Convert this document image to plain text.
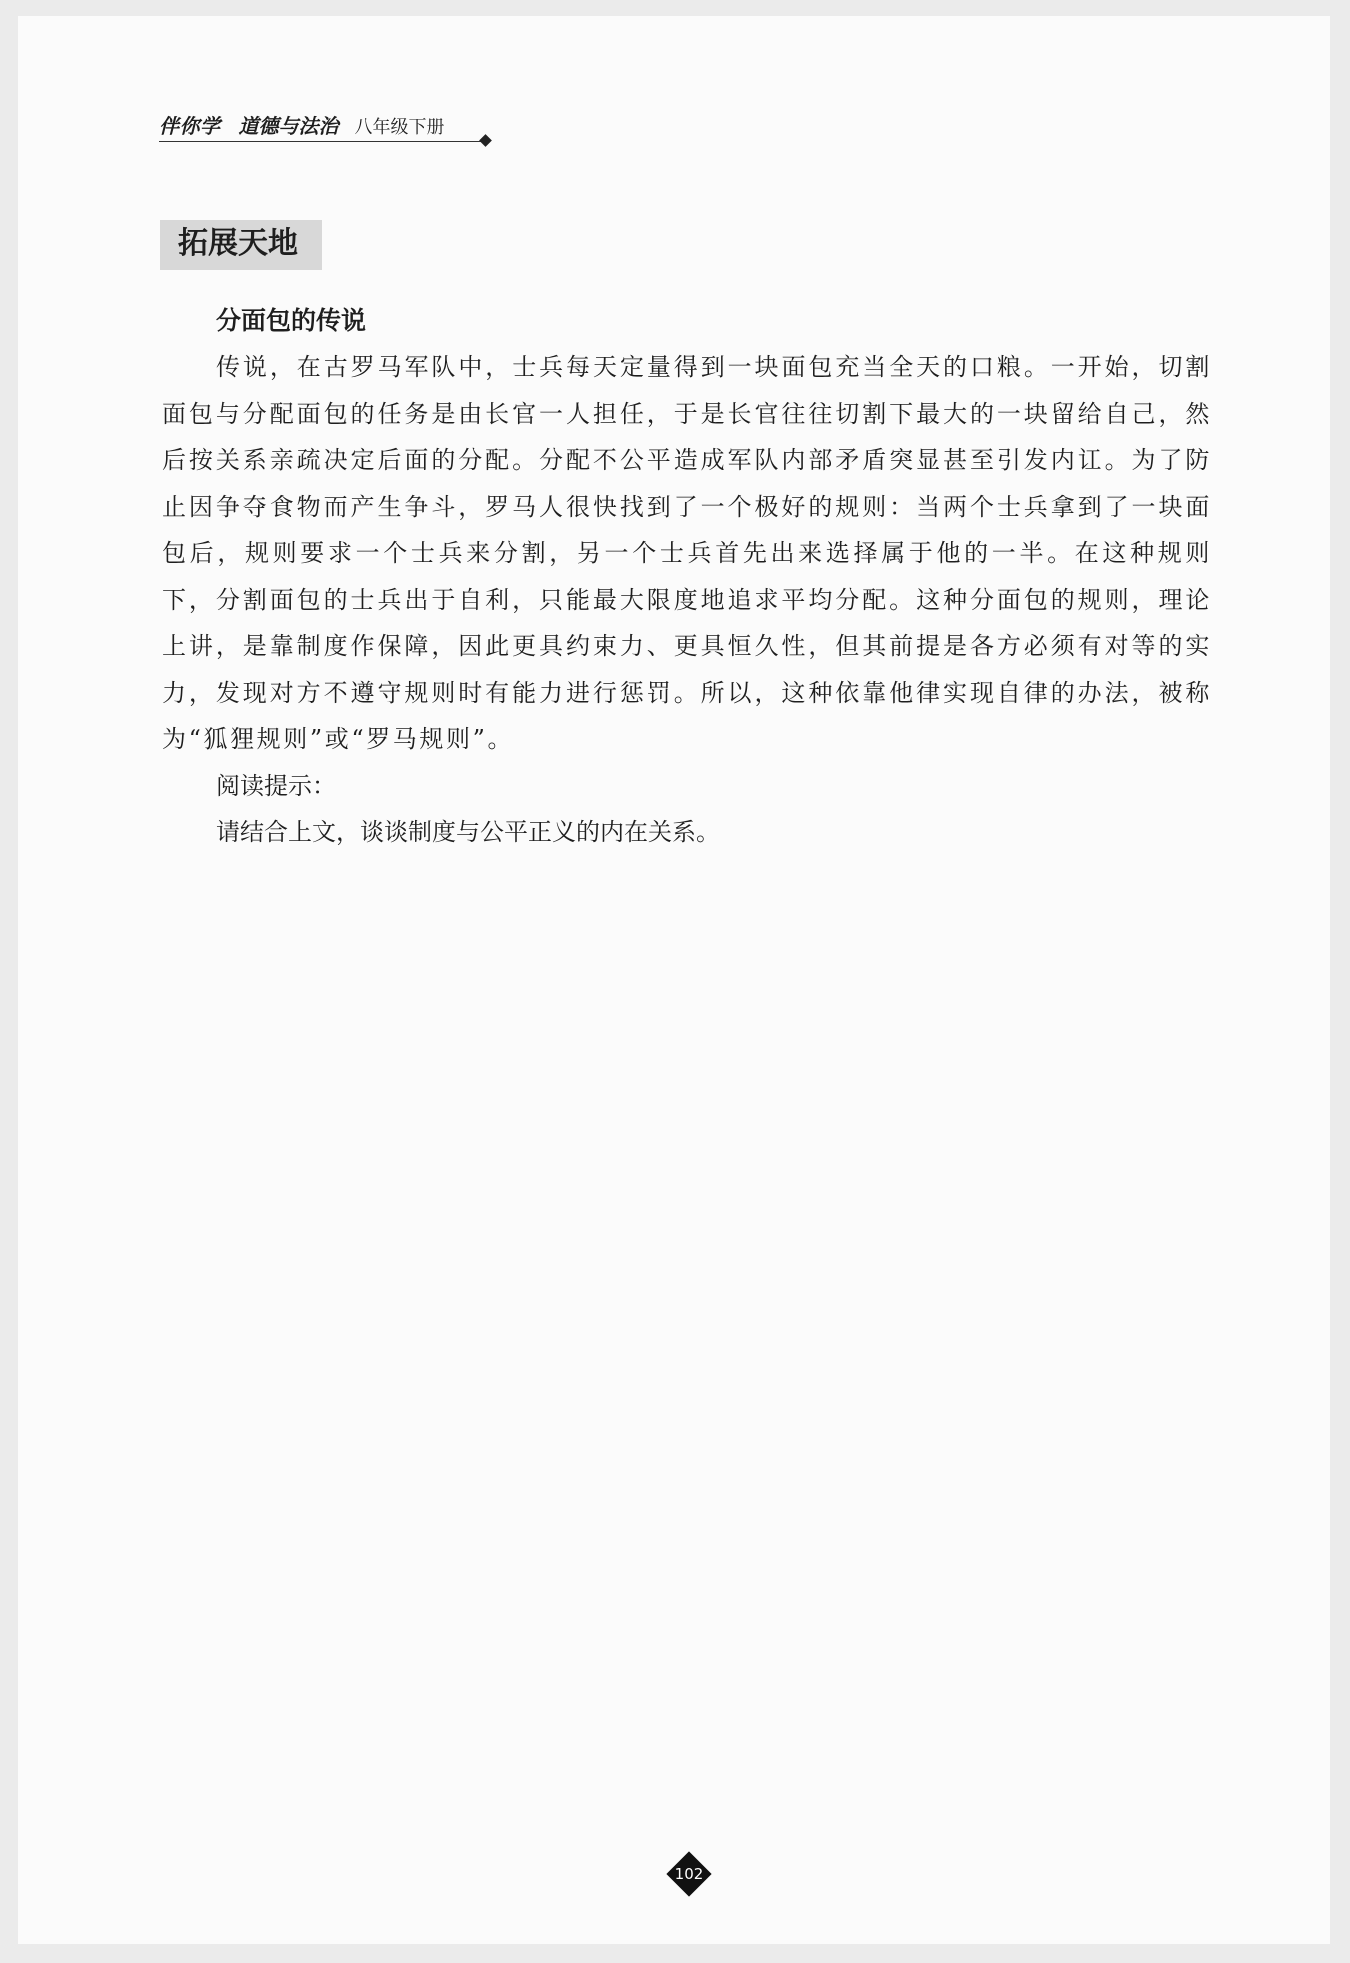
伴你学 道德与法治 八年级下册
拓展天地
分面包的传说

传说，在古罗马军队中，士兵每天定量得到一块面包充当全天的口粮。一开始，切割面包与分配面包的任务是由长官一人担任，于是长官往往切割下最大的一块留给自己，然后按关系亲疏决定后面的分配。分配不公平造成军队内部矛盾突显甚至引发内讧。为了防止因争夺食物而产生争斗，罗马人很快找到了一个极好的规则：当两个士兵拿到了一块面包后，规则要求一个士兵来分割，另一个士兵首先出来选择属于他的一半。在这种规则下，分割面包的士兵出于自利，只能最大限度地追求平均分配。这种分面包的规则，理论上讲，是靠制度作保障，因此更具约束力、更具恒久性，但其前提是各方必须有对等的实力，发现对方不遵守规则时有能力进行惩罚。所以，这种依靠他律实现自律的办法，被称为“狐狸规则”或“罗马规则”。

阅读提示：

请结合上文，谈谈制度与公平正义的内在关系。

102
